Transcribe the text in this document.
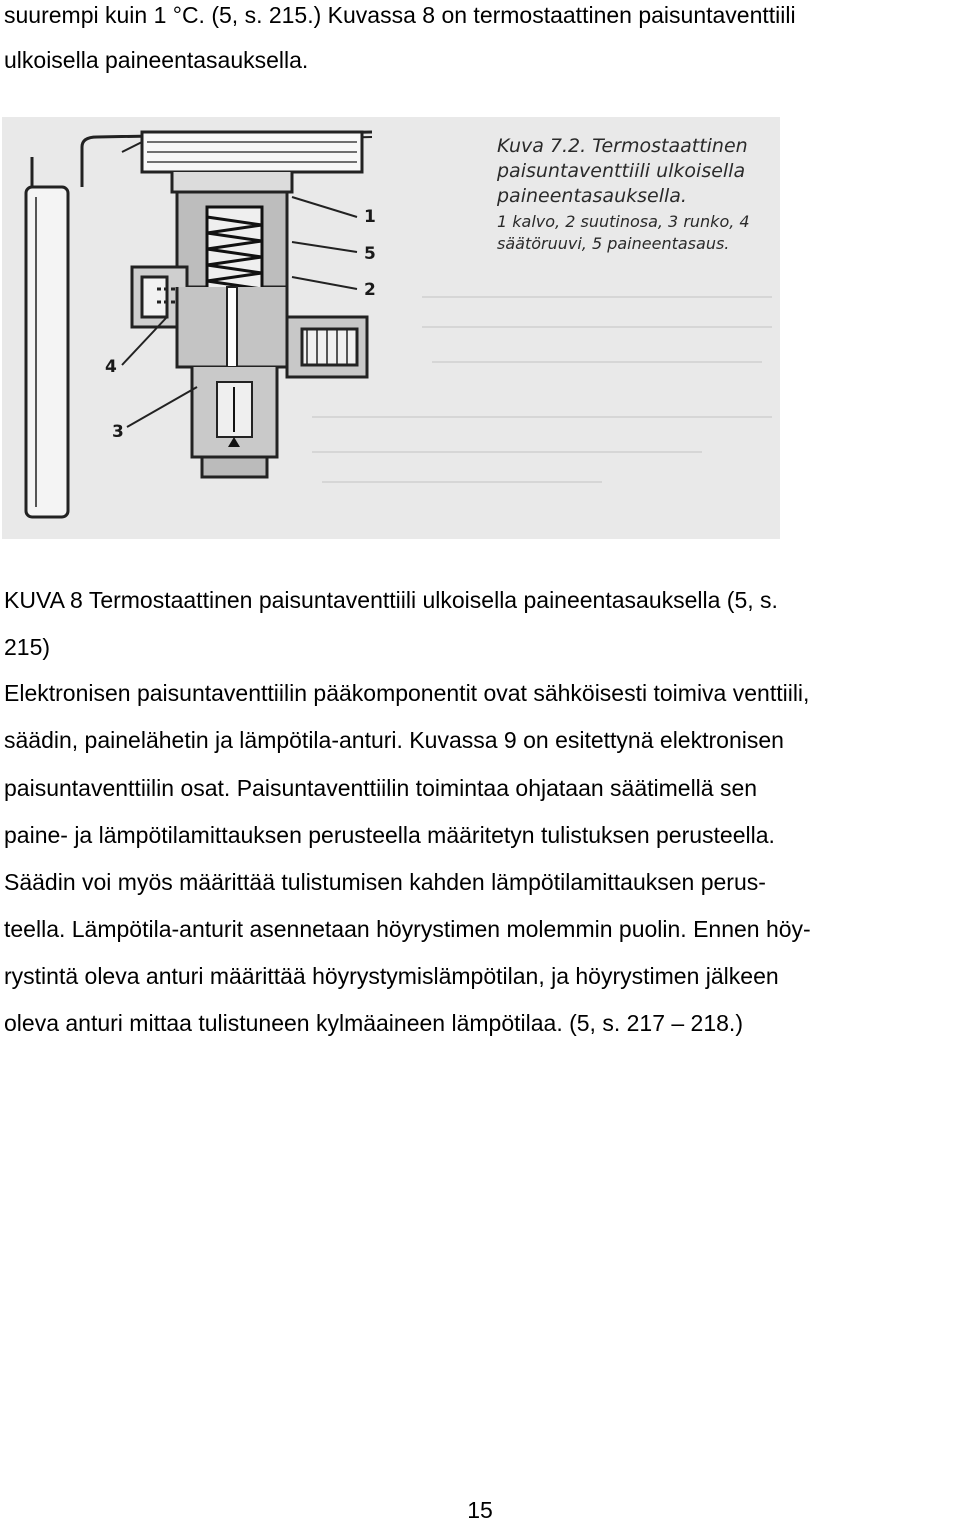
suurempi kuin 1 °C. (5, s. 215.) Kuvassa 8 on termostaattinen paisuntaventtiili
ulkoisella paineentasauksella.
1
5
2
4
3
Kuva 7.2. Termostaattinen
paisuntaventtiili ulkoisella
paineentasauksella.
1 kalvo, 2 suutinosa, 3 runko, 4
säätöruuvi, 5 paineentasaus.
KUVA 8 Termostaattinen paisuntaventtiili ulkoisella paineentasauksella (5, s.
215)
Elektronisen paisuntaventtiilin pääkomponentit ovat sähköisesti toimiva venttiili,
säädin, painelähetin ja lämpötila-anturi. Kuvassa 9 on esitettynä elektronisen
paisuntaventtiilin osat. Paisuntaventtiilin toimintaa ohjataan säätimellä sen
paine- ja lämpötilamittauksen perusteella määritetyn tulistuksen perusteella.
Säädin voi myös määrittää tulistumisen kahden lämpötilamittauksen perus-
teella. Lämpötila-anturit asennetaan höyrystimen molemmin puolin. Ennen höy-
rystintä oleva anturi määrittää höyrystymislämpötilan, ja höyrystimen jälkeen
oleva anturi mittaa tulistuneen kylmäaineen lämpötilaa. (5, s. 217 – 218.)
15
